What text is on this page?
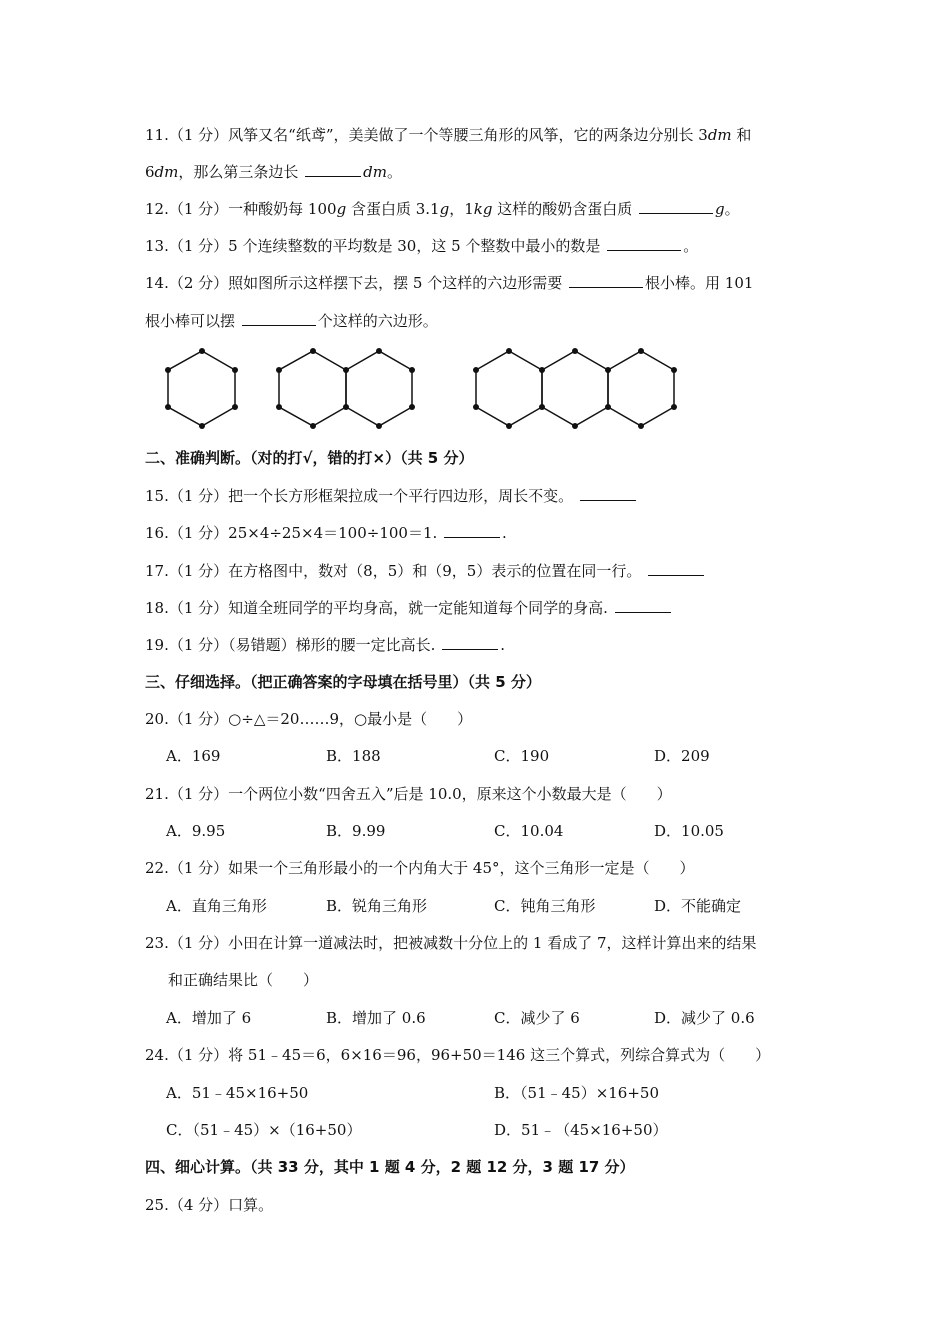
11.（1 分）风筝又名“纸鸢”，美美做了一个等腰三角形的风筝，它的两条边分别长 3dm 和
6dm，那么第三条边长	dm。
12.（1 分）一种酸奶每 100g 含蛋白质 3.1g，1kg 这样的酸奶含蛋白质	g。
13.（1 分）5 个连续整数的平均数是 30，这 5 个整数中最小的数是	。
14.（2 分）照如图所示这样摆下去，摆 5 个这样的六边形需要	根小棒。用 101
根小棒可以摆	个这样的六边形。
二、准确判断。（对的打√，错的打×）（共 5 分）
15.（1 分）把一个长方形框架拉成一个平行四边形，周长不变。
16.（1 分）25×4÷25×4＝100÷100＝1.	.
17.（1 分）在方格图中，数对（8，5）和（9，5）表示的位置在同一行。
18.（1 分）知道全班同学的平均身高，就一定能知道每个同学的身高.
19.（1 分）（易错题）梯形的腰一定比高长.	.
三、仔细选择。（把正确答案的字母填在括号里）（共 5 分）
20.（1 分）○÷△＝20……9，○最小是（　　）
A．169	B．188	C．190	D．209
21.（1 分）一个两位小数“四舍五入”后是 10.0，原来这个小数最大是（　　）
A．9.95	B．9.99	C．10.04	D．10.05
22.（1 分）如果一个三角形最小的一个内角大于 45°，这个三角形一定是（　　）
A．直角三角形	B．锐角三角形	C．钝角三角形	D．不能确定
23.（1 分）小田在计算一道减法时，把被减数十分位上的 1 看成了 7，这样计算出来的结果
和正确结果比（　　）
A．增加了 6	B．增加了 0.6	C．减少了 6	D．减少了 0.6
24.（1 分）将 51﹣45＝6，6×16＝96，96+50＝146 这三个算式，列综合算式为（　　）
A．51﹣45×16+50	B．（51﹣45）×16+50
C．（51﹣45）×（16+50）	D．51﹣（45×16+50）
四、细心计算。（共 33 分，其中 1 题 4 分，2 题 12 分，3 题 17 分）
25.（4 分）口算。
